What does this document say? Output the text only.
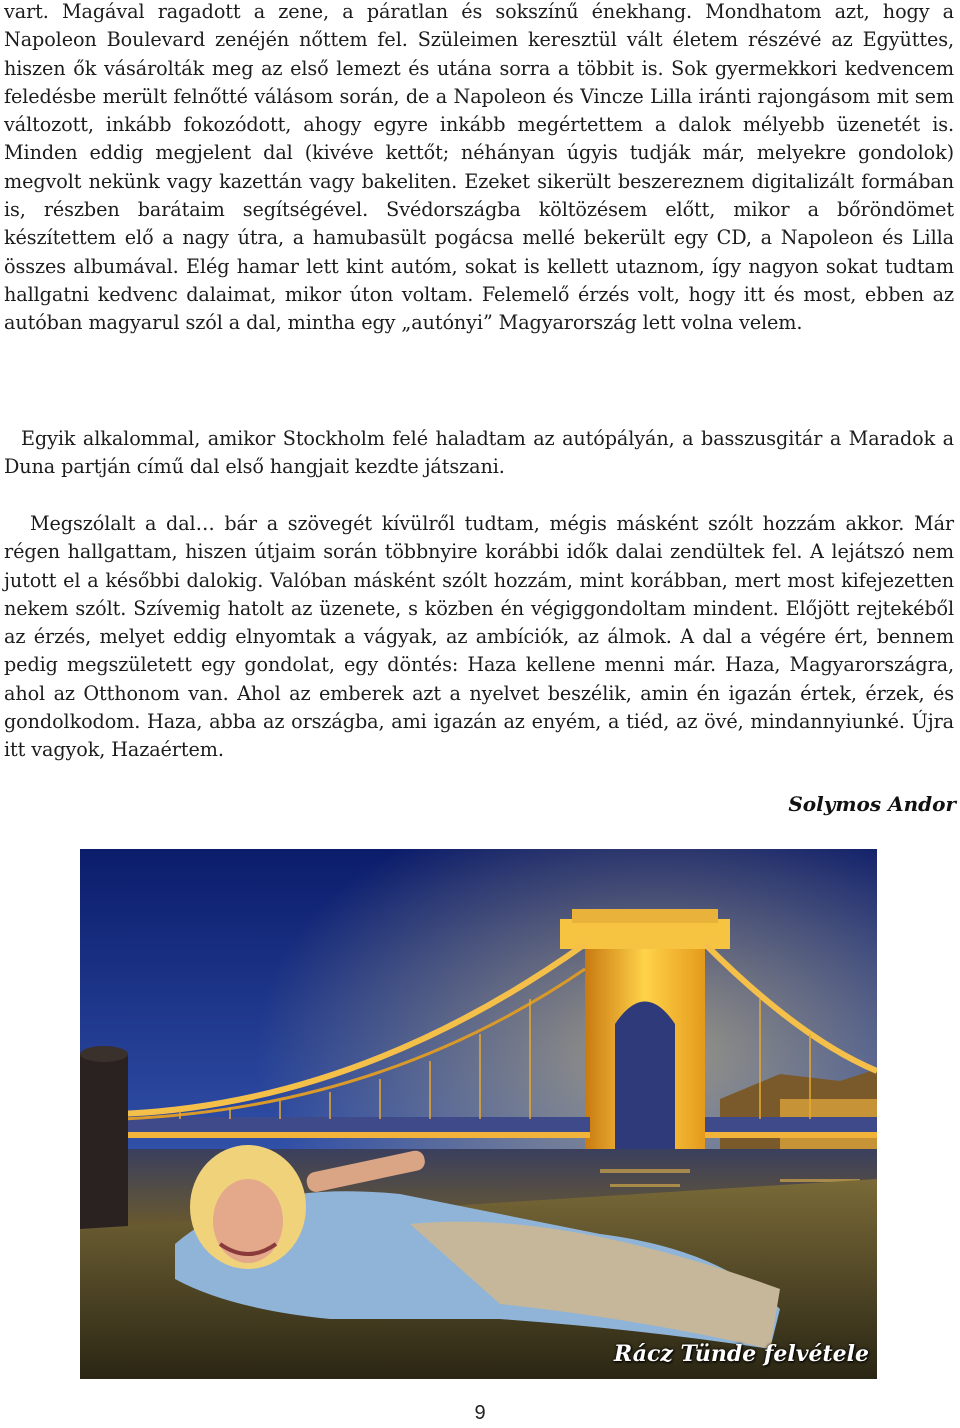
vart. Magával ragadott a zene, a páratlan és sokszínű énekhang. Mondhatom azt, hogy a Napoleon Boulevard zenéjén nőttem fel. Szüleimen keresztül vált életem részévé az Együttes, hiszen ők vásárolták meg az első lemezt és utána sorra a többit is. Sok gyermekkori kedvencem feledésbe merült felnőtté válásom során, de a Napoleon és Vincze Lilla iránti rajongásom mit sem változott, inkább fokozódott, ahogy egyre inkább megértettem a dalok mélyebb üzenetét is. Minden eddig megjelent dal (kivéve kettőt; néhányan úgyis tudják már, melyekre gondolok) megvolt nekünk vagy kazettán vagy bakeliten. Ezeket sikerült beszereznem digitalizált formában is, részben barátaim segítségével. Svédországba költözésem előtt, mikor a bőröndömet készítettem elő a nagy útra, a hamubasült pogácsa mellé bekerült egy CD, a Napoleon és Lilla összes albumával. Elég hamar lett kint autóm, sokat is kellett utaznom, így nagyon sokat tudtam hallgatni kedvenc dalaimat, mikor úton voltam. Felemelő érzés volt, hogy itt és most, ebben az autóban magyarul szól a dal, mintha egy „autónyi” Magyarország lett volna velem.

Egyik alkalommal, amikor Stockholm felé haladtam az autópályán, a basszusgitár a Maradok a Duna partján című dal első hangjait kezdte játszani.

Megszólalt a dal… bár a szövegét kívülről tudtam, mégis másként szólt hozzám akkor. Már régen hallgattam, hiszen útjaim során többnyire korábbi idők dalai zendültek fel. A lejátszó nem jutott el a későbbi dalokig. Valóban másként szólt hozzám, mint korábban, mert most kifejezetten nekem szólt. Szívemig hatolt az üzenete, s közben én végiggondoltam mindent. Előjött rejtekéből az érzés, melyet eddig elnyomtak a vágyak, az ambíciók, az álmok. A dal a végére ért, bennem pedig megszületett egy gondolat, egy döntés: Haza kellene menni már. Haza, Magyarországra, ahol az Otthonom van. Ahol az emberek azt a nyelvet beszélik, amin én igazán értek, érzek, és gondolkodom. Haza, abba az országba, ami igazán az enyém, a tiéd, az övé, mindannyiunké. Újra itt vagyok, Hazaértem.

Solymos Andor

Rácz Tünde felvétele
9
